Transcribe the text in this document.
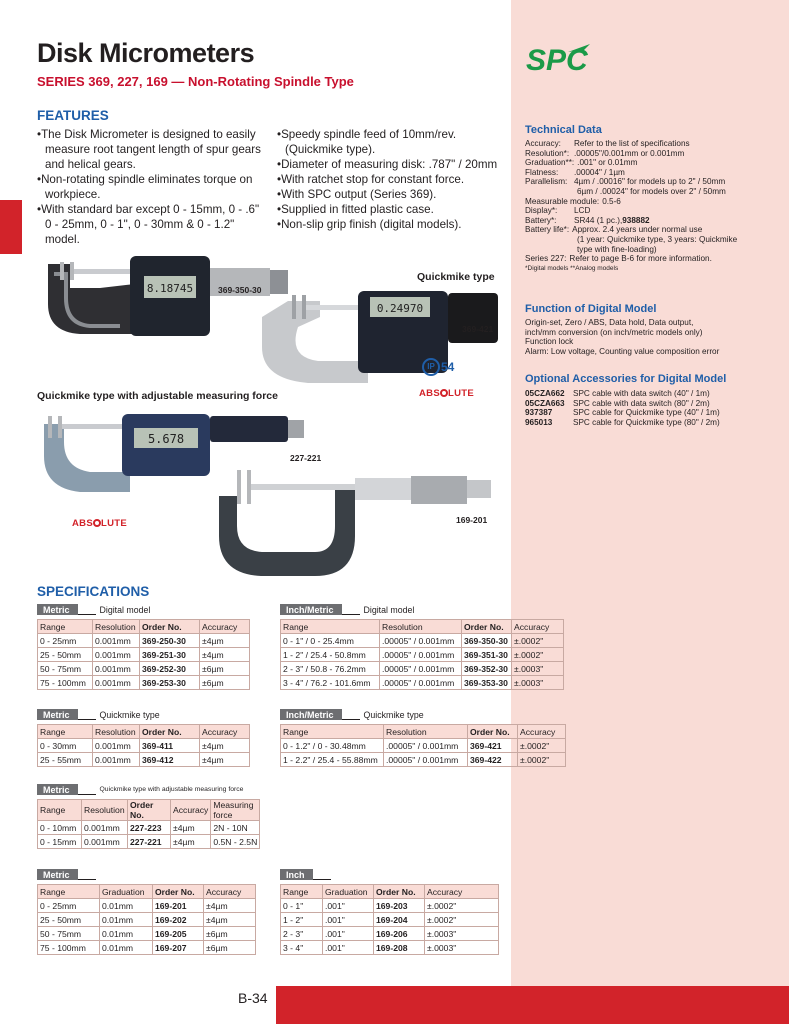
B-34
Disk Micrometers
SERIES 369, 227, 169 — Non-Rotating Spindle Type
FEATURES
• The Disk Micrometer is designed to easily measure root tangent length of spur gears and helical gears.
• Non-rotating spindle eliminates torque on workpiece.
• With standard bar except 0 - 15mm, 0 - .6" 0 - 25mm, 0 - 1", 0 - 30mm & 0 - 1.2" model.
• Speedy spindle feed of 10mm/rev. (Quickmike type).
• Diameter of measuring disk: .787" / 20mm
• With ratchet stop for constant force.
• With SPC output (Series 369).
• Supplied in fitted plastic case.
• Non-slip grip finish (digital models).
SPC
Technical Data
Accuracy:	Refer to the list of specifications
Resolution*: .00005"/0.001mm or 0.001mm
Graduation**: .001" or 0.01mm
Flatness:	.00004" / 1µm
Parallelism: 4µm / .00016" for models up to 2" / 50mm
6µm / .00024" for models over 2" / 50mm
Measurable module: 0.5-6
Display*:	LCD
Battery*:	SR44 (1 pc.), 938882
Battery life*: Approx. 2.4 years under normal use
(1 year: Quickmike type, 3 years: Quickmike
type with fine-loading)
Series 227: Refer to page B-6 for more information.
*Digital models **Analog models
Function of Digital Model
Origin-set, Zero / ABS, Data hold, Data output,
inch/mm conversion (on inch/metric models only)
Function lock
Alarm: Low voltage, Counting value composition error
Optional Accessories for Digital Model
05CZA662	SPC cable with data switch (40" / 1m)
05CZA663	SPC cable with data switch (80" / 2m)
937387	SPC cable for Quickmike type (40" / 1m)
965013	SPC cable for Quickmike type (80" / 2m)
8.18745	369-350-30
Quickmike type
0.24970
369-421
IP 54
ABS LUTE
Quickmike type with adjustable measuring force
5.678
227-221
ABS LUTE	169-201
SPECIFICATIONS
Metric	Digital model
Range	Resolution	Order No.	Accuracy
0 - 25mm	0.001mm	369-250-30	±4µm
25 - 50mm	0.001mm	369-251-30	±4µm
50 - 75mm	0.001mm	369-252-30	±6µm
75 - 100mm	0.001mm	369-253-30	±6µm
Inch/Metric	Digital model
Range	Resolution	Order No.	Accuracy
0 - 1" / 0 - 25.4mm	.00005" / 0.001mm	369-350-30	±.0002"
1 - 2" / 25.4 - 50.8mm	.00005" / 0.001mm	369-351-30	±.0002"
2 - 3" / 50.8 - 76.2mm	.00005" / 0.001mm	369-352-30	±.0003"
3 - 4" / 76.2 - 101.6mm	.00005" / 0.001mm	369-353-30	±.0003"
Metric	Quickmike type
Range	Resolution	Order No.	Accuracy
0 - 30mm	0.001mm	369-411	±4µm
25 - 55mm	0.001mm	369-412	±4µm
Inch/Metric	Quickmike type
Range	Resolution	Order No.	Accuracy
0 - 1.2" / 0 - 30.48mm	.00005" / 0.001mm	369-421	±.0002"
1 - 2.2" / 25.4 - 55.88mm	.00005" / 0.001mm	369-422	±.0002"
Metric	Quickmike type with adjustable measuring force
Range	Resolution	Order No.	Accuracy	Measuring force
0 - 10mm	0.001mm	227-223	±4µm	2N - 10N
0 - 15mm	0.001mm	227-221	±4µm	0.5N - 2.5N
Metric
Range	Graduation	Order No.	Accuracy
0 - 25mm	0.01mm	169-201	±4µm
25 - 50mm	0.01mm	169-202	±4µm
50 - 75mm	0.01mm	169-205	±6µm
75 - 100mm	0.01mm	169-207	±6µm
Inch
Range	Graduation	Order No.	Accuracy
0 - 1"	.001"	169-203	±.0002"
1 - 2"	.001"	169-204	±.0002"
2 - 3"	.001"	169-206	±.0003"
3 - 4"	.001"	169-208	±.0003"
